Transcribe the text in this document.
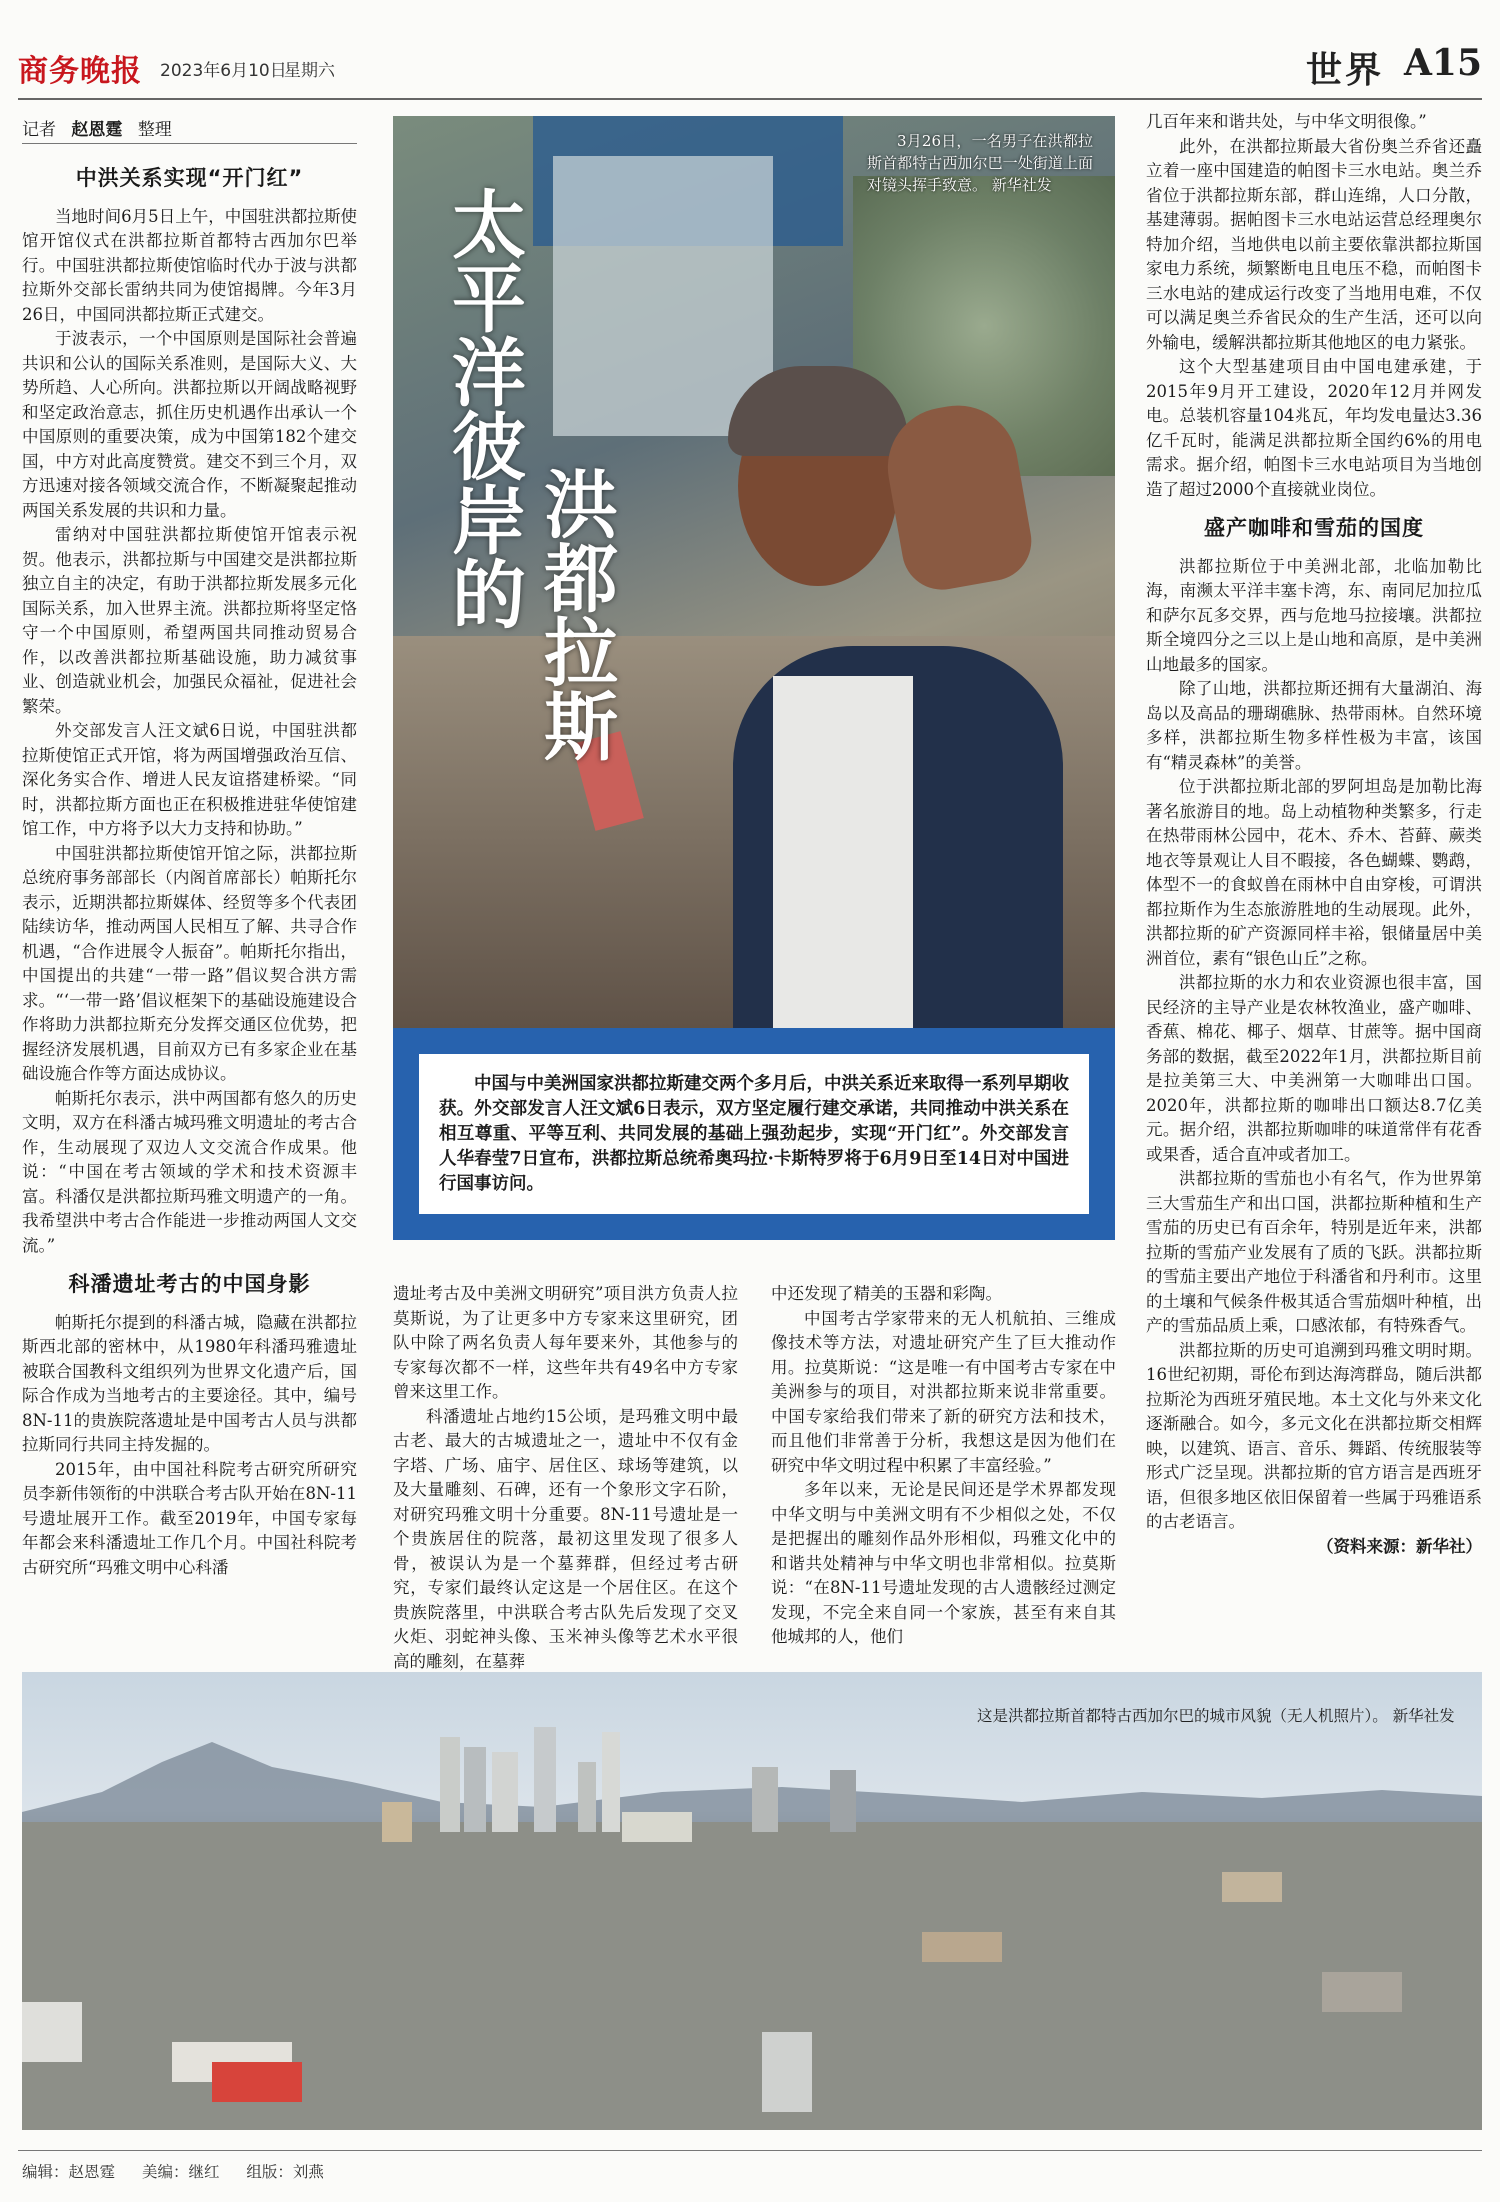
商务晚报 2023年6月10日
星期六	世界 A15
记者 赵恩霆 整理
中洪关系实现“开门红”

当地时间6月5日上午，中国驻洪都拉斯使馆开馆仪式在洪都拉斯首都特古西加尔巴举行。中国驻洪都拉斯使馆临时代办于波与洪都拉斯外交部长雷纳共同为使馆揭牌。今年3月26日，中国同洪都拉斯正式建交。

于波表示，一个中国原则是国际社会普遍共识和公认的国际关系准则，是国际大义、大势所趋、人心所向。洪都拉斯以开阔战略视野和坚定政治意志，抓住历史机遇作出承认一个中国原则的重要决策，成为中国第182个建交国，中方对此高度赞赏。建交不到三个月，双方迅速对接各领域交流合作，不断凝聚起推动两国关系发展的共识和力量。

雷纳对中国驻洪都拉斯使馆开馆表示祝贺。他表示，洪都拉斯与中国建交是洪都拉斯独立自主的决定，有助于洪都拉斯发展多元化国际关系，加入世界主流。洪都拉斯将坚定恪守一个中国原则，希望两国共同推动贸易合作，以改善洪都拉斯基础设施，助力减贫事业、创造就业机会，加强民众福祉，促进社会繁荣。

外交部发言人汪文斌6日说，中国驻洪都拉斯使馆正式开馆，将为两国增强政治互信、深化务实合作、增进人民友谊搭建桥梁。“同时，洪都拉斯方面也正在积极推进驻华使馆建馆工作，中方将予以大力支持和协助。”

中国驻洪都拉斯使馆开馆之际，洪都拉斯总统府事务部部长（内阁首席部长）帕斯托尔表示，近期洪都拉斯媒体、经贸等多个代表团陆续访华，推动两国人民相互了解、共寻合作机遇，“合作进展令人振奋”。帕斯托尔指出，中国提出的共建“一带一路”倡议契合洪方需求。“‘一带一路’倡议框架下的基础设施建设合作将助力洪都拉斯充分发挥交通区位优势，把握经济发展机遇，目前双方已有多家企业在基础设施合作等方面达成协议。

帕斯托尔表示，洪中两国都有悠久的历史文明，双方在科潘古城玛雅文明遗址的考古合作，生动展现了双边人文交流合作成果。他说：“中国在考古领域的学术和技术资源丰富。科潘仅是洪都拉斯玛雅文明遗产的一角。我希望洪中考古合作能进一步推动两国人文交流。”

科潘遗址考古的中国身影

帕斯托尔提到的科潘古城，隐藏在洪都拉斯西北部的密林中，从1980年科潘玛雅遗址被联合国教科文组织列为世界文化遗产后，国际合作成为当地考古的主要途径。其中，编号8N-11的贵族院落遗址是中国考古人员与洪都拉斯同行共同主持发掘的。

2015年，由中国社科院考古研究所研究员李新伟领衔的中洪联合考古队开始在8N-11号遗址展开工作。截至2019年，中国专家每年都会来科潘遗址工作几个月。中国社科院考古研究所“玛雅文明中心科潘

3月26日，一名男子在洪都拉斯首都特古西加尔巴一处街道上面对镜头挥手致意。 新华社发
太平洋彼岸的 洪都拉斯
中国与中美洲国家洪都拉斯建交两个多月后，中洪关系近来取得一系列早期收获。外交部发言人汪文斌6日表示，双方坚定履行建交承诺，共同推动中洪关系在相互尊重、平等互利、共同发展的基础上强劲起步，实现“开门红”。外交部发言人华春莹7日宣布，洪都拉斯总统希奥玛拉·卡斯特罗将于6月9日至14日对中国进行国事访问。

遗址考古及中美洲文明研究”项目洪方负责人拉莫斯说，为了让更多中方专家来这里研究，团队中除了两名负责人每年要来外，其他参与的专家每次都不一样，这些年共有49名中方专家曾来这里工作。

科潘遗址占地约15公顷，是玛雅文明中最古老、最大的古城遗址之一，遗址中不仅有金字塔、广场、庙宇、居住区、球场等建筑，以及大量雕刻、石碑，还有一个象形文字石阶，对研究玛雅文明十分重要。8N-11号遗址是一个贵族居住的院落，最初这里发现了很多人骨，被误认为是一个墓葬群，但经过考古研究，专家们最终认定这是一个居住区。在这个贵族院落里，中洪联合考古队先后发现了交叉火炬、羽蛇神头像、玉米神头像等艺术水平很高的雕刻，在墓葬

中还发现了精美的玉器和彩陶。

中国考古学家带来的无人机航拍、三维成像技术等方法，对遗址研究产生了巨大推动作用。拉莫斯说：“这是唯一有中国考古专家在中美洲参与的项目，对洪都拉斯来说非常重要。中国专家给我们带来了新的研究方法和技术，而且他们非常善于分析，我想这是因为他们在研究中华文明过程中积累了丰富经验。”

多年以来，无论是民间还是学术界都发现中华文明与中美洲文明有不少相似之处，不仅是把握出的雕刻作品外形相似，玛雅文化中的和谐共处精神与中华文明也非常相似。拉莫斯说：“在8N-11号遗址发现的古人遗骸经过测定发现，不完全来自同一个家族，甚至有来自其他城邦的人，他们

几百年来和谐共处，与中华文明很像。”

此外，在洪都拉斯最大省份奥兰乔省还矗立着一座中国建造的帕图卡三水电站。奥兰乔省位于洪都拉斯东部，群山连绵，人口分散，基建薄弱。据帕图卡三水电站运营总经理奥尔特加介绍，当地供电以前主要依靠洪都拉斯国家电力系统，频繁断电且电压不稳，而帕图卡三水电站的建成运行改变了当地用电难，不仅可以满足奥兰乔省民众的生产生活，还可以向外输电，缓解洪都拉斯其他地区的电力紧张。

这个大型基建项目由中国电建承建，于2015年9月开工建设，2020年12月并网发电。总装机容量104兆瓦，年均发电量达3.36亿千瓦时，能满足洪都拉斯全国约6%的用电需求。据介绍，帕图卡三水电站项目为当地创造了超过2000个直接就业岗位。

盛产咖啡和雪茄的国度

洪都拉斯位于中美洲北部，北临加勒比海，南濒太平洋丰塞卡湾，东、南同尼加拉瓜和萨尔瓦多交界，西与危地马拉接壤。洪都拉斯全境四分之三以上是山地和高原，是中美洲山地最多的国家。

除了山地，洪都拉斯还拥有大量湖泊、海岛以及高品的珊瑚礁脉、热带雨林。自然环境多样，洪都拉斯生物多样性极为丰富，该国有“精灵森林”的美誉。

位于洪都拉斯北部的罗阿坦岛是加勒比海著名旅游目的地。岛上动植物种类繁多，行走在热带雨林公园中，花木、乔木、苔藓、蕨类地衣等景观让人目不暇接，各色蝴蝶、鹦鹉，体型不一的食蚁兽在雨林中自由穿梭，可谓洪都拉斯作为生态旅游胜地的生动展现。此外，洪都拉斯的矿产资源同样丰裕，银储量居中美洲首位，素有“银色山丘”之称。

洪都拉斯的水力和农业资源也很丰富，国民经济的主导产业是农林牧渔业，盛产咖啡、香蕉、棉花、椰子、烟草、甘蔗等。据中国商务部的数据，截至2022年1月，洪都拉斯目前是拉美第三大、中美洲第一大咖啡出口国。2020年，洪都拉斯的咖啡出口额达8.7亿美元。据介绍，洪都拉斯咖啡的味道常伴有花香或果香，适合直冲或者加工。

洪都拉斯的雪茄也小有名气，作为世界第三大雪茄生产和出口国，洪都拉斯种植和生产雪茄的历史已有百余年，特别是近年来，洪都拉斯的雪茄产业发展有了质的飞跃。洪都拉斯的雪茄主要出产地位于科潘省和丹利市。这里的土壤和气候条件极其适合雪茄烟叶种植，出产的雪茄品质上乘，口感浓郁，有特殊香气。

洪都拉斯的历史可追溯到玛雅文明时期。16世纪初期，哥伦布到达海湾群岛，随后洪都拉斯沦为西班牙殖民地。本土文化与外来文化逐渐融合。如今，多元文化在洪都拉斯交相辉映，以建筑、语言、音乐、舞蹈、传统服装等形式广泛呈现。洪都拉斯的官方语言是西班牙语，但很多地区依旧保留着一些属于玛雅语系的古老语言。

（资料来源：新华社）

这是洪都拉斯首都特古西加尔巴的城市风貌（无人机照片）。 新华社发
编辑：赵恩霆 美编：继红 组版：刘燕
